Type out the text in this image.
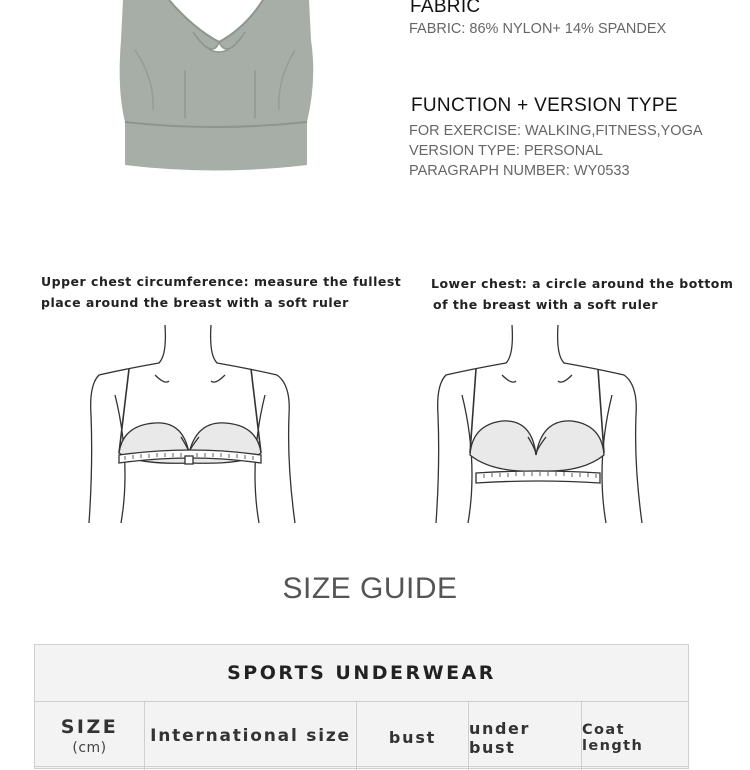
FABRIC
FABRIC: 86% NYLON+ 14% SPANDEX
FUNCTION + VERSION TYPE
FOR EXERCISE: WALKING,FITNESS,YOGA
VERSION TYPE: PERSONAL
PARAGRAPH NUMBER: WY0533
Upper chest circumference: measure the fullest
place around the breast with a soft ruler
Lower chest: a circle around the bottom
of the breast with a soft ruler
SIZE GUIDE
SPORTS UNDERWEAR
SIZE
(cm)
International size bust under bust
Coat length
